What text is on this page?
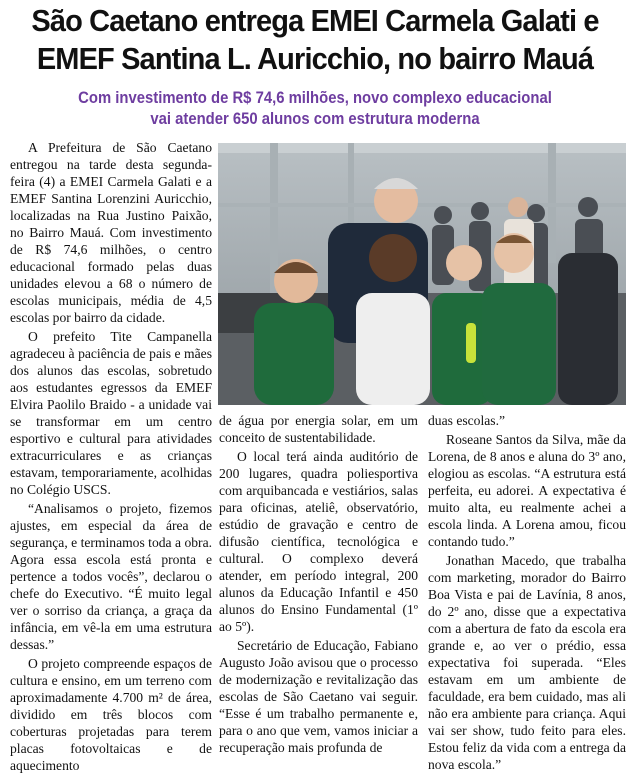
São Caetano entrega EMEI Carmela Galati e
EMEF Santina L. Auricchio, no bairro Mauá
Com investimento de R$ 74,6 milhões, novo complexo educacional
vai atender 650 alunos com estrutura moderna

A Prefeitura de São Caetano entregou na tarde desta segunda-feira (4) a EMEI Carmela Galati e a EMEF Santina Lorenzini Auricchio, localizadas na Rua Justino Paixão, no Bairro Mauá. Com investimento de R$ 74,6 milhões, o centro educacional formado pelas duas unidades elevou a 68 o número de escolas municipais, média de 4,5 escolas por bairro da cidade.

O prefeito Tite Campanella agradeceu à paciência de pais e mães dos alunos das escolas, sobretudo aos estudantes egressos da EMEF Elvira Paolilo Braido - a unidade vai se transformar em um centro esportivo e cultural para atividades extracurriculares e as crianças estavam, temporariamente, acolhidas no Colégio USCS.

“Analisamos o projeto, fizemos ajustes, em especial da área de segurança, e terminamos toda a obra. Agora essa escola está pronta e pertence a todos vocês”, declarou o chefe do Executivo. “É muito legal ver o sorriso da criança, a graça da infância, em vê-la em uma estrutura dessas.”

O projeto compreende espaços de cultura e ensino, em um terreno com aproximadamente 4.700 m² de área, dividido em três blocos com coberturas projetadas para terem placas fotovoltaicas e de aquecimento

de água por energia solar, em um conceito de sustentabilidade.

O local terá ainda auditório de 200 lugares, quadra poliesportiva com arquibancada e vestiários, salas para oficinas, ateliê, observatório, estúdio de gravação e centro de difusão científica, tecnológica e cultural. O complexo deverá atender, em período integral, 200 alunos da Educação Infantil e 450 alunos do Ensino Fundamental (1º ao 5º).

Secretário de Educação, Fabiano Augusto João avisou que o processo de modernização e revitalização das escolas de São Caetano vai seguir. “Esse é um trabalho permanente e, para o ano que vem, vamos iniciar a recuperação mais profunda de

duas escolas.”

Roseane Santos da Silva, mãe da Lorena, de 8 anos e aluna do 3º ano, elogiou as escolas. “A estrutura está perfeita, eu adorei. A expectativa é muito alta, eu realmente achei a escola linda. A Lorena amou, ficou contando tudo.”

Jonathan Macedo, que trabalha com marketing, morador do Bairro Boa Vista e pai de Lavínia, 8 anos, do 2º ano, disse que a expectativa com a abertura de fato da escola era grande e, ao ver o prédio, essa expectativa foi superada. “Eles estavam em um ambiente de faculdade, era bem cuidado, mas ali não era ambiente para criança. Aqui vai ser show, tudo feito para eles. Estou feliz da vida com a entrega da nova escola.”
